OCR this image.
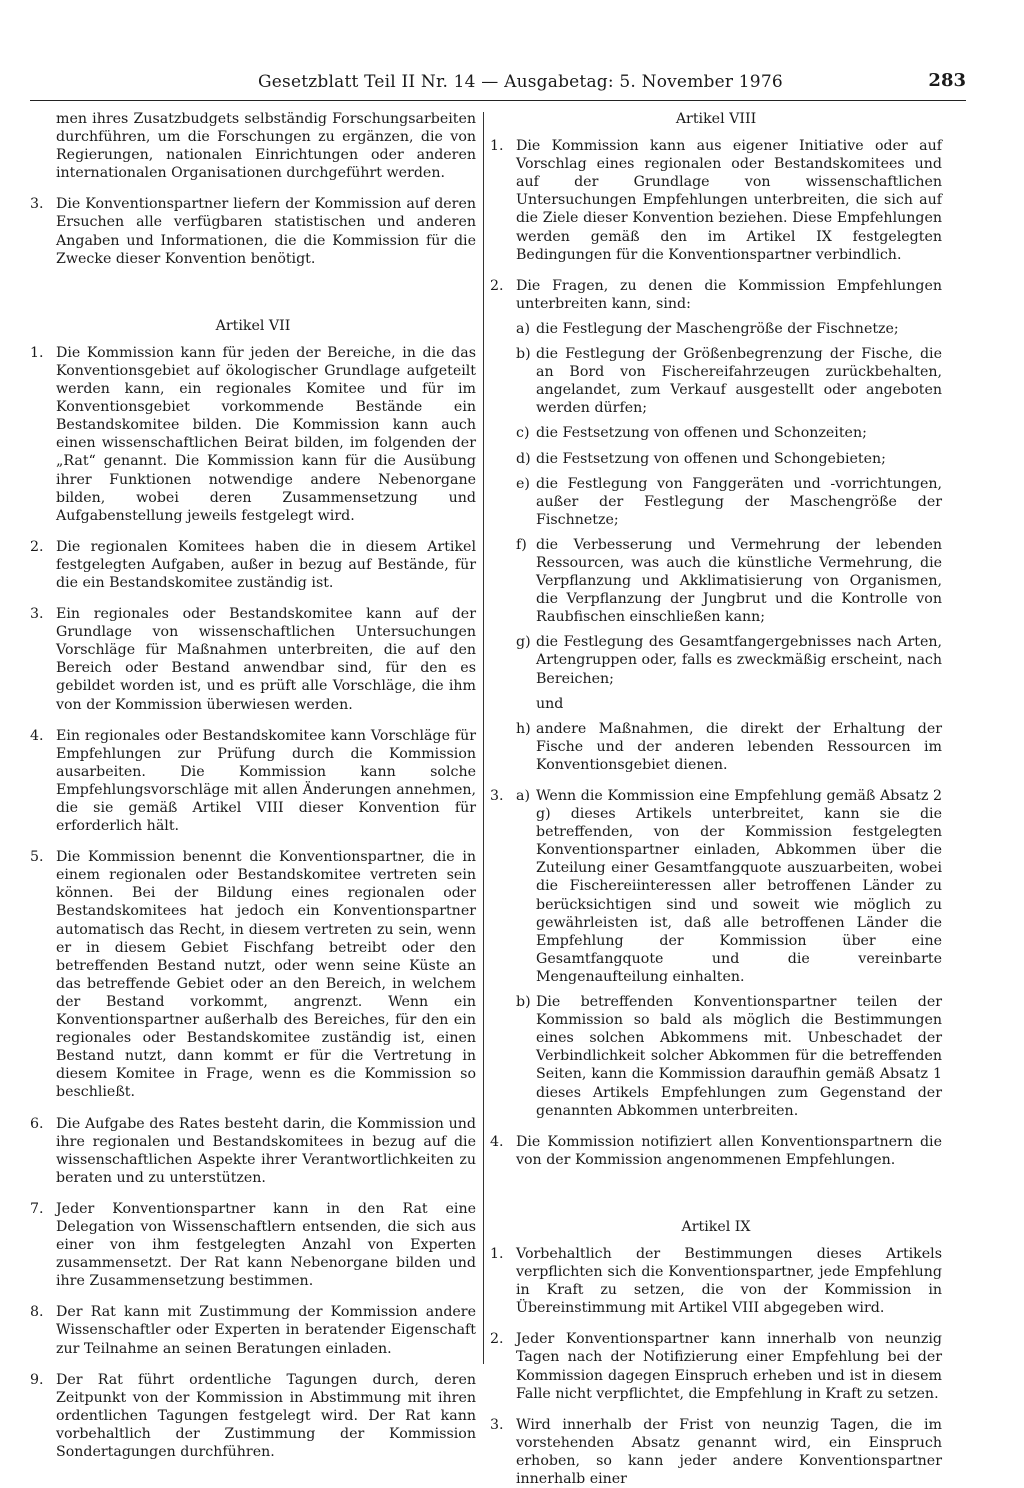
Gesetzblatt Teil II Nr. 14 — Ausgabetag: 5. November 1976	283

men ihres Zusatzbudgets selbständig Forschungsarbeiten durchführen, um die Forschungen zu ergänzen, die von Regierungen, nationalen Einrichtungen oder anderen internationalen Organisationen durchgeführt werden.

3. Die Konventionspartner liefern der Kommission auf deren Ersuchen alle verfügbaren statistischen und anderen Angaben und Informationen, die die Kommission für die Zwecke dieser Konvention benötigt.
Artikel VII
1. Die Kommission kann für jeden der Bereiche, in die das Konventionsgebiet auf ökologischer Grundlage aufgeteilt werden kann, ein regionales Komitee und für im Konventionsgebiet vorkommende Bestände ein Bestandskomitee bilden. Die Kommission kann auch einen wissenschaftlichen Beirat bilden, im folgenden der „Rat“ genannt. Die Kommission kann für die Ausübung ihrer Funktionen notwendige andere Nebenorgane bilden, wobei deren Zusammensetzung und Aufgabenstellung jeweils festgelegt wird.
2. Die regionalen Komitees haben die in diesem Artikel festgelegten Aufgaben, außer in bezug auf Bestände, für die ein Bestandskomitee zuständig ist.
3. Ein regionales oder Bestandskomitee kann auf der Grundlage von wissenschaftlichen Untersuchungen Vorschläge für Maßnahmen unterbreiten, die auf den Bereich oder Bestand anwendbar sind, für den es gebildet worden ist, und es prüft alle Vorschläge, die ihm von der Kommission überwiesen werden.
4. Ein regionales oder Bestandskomitee kann Vorschläge für Empfehlungen zur Prüfung durch die Kommission ausarbeiten. Die Kommission kann solche Empfehlungsvorschläge mit allen Änderungen annehmen, die sie gemäß Artikel VIII dieser Konvention für erforderlich hält.
5. Die Kommission benennt die Konventionspartner, die in einem regionalen oder Bestandskomitee vertreten sein können. Bei der Bildung eines regionalen oder Bestandskomitees hat jedoch ein Konventionspartner automatisch das Recht, in diesem vertreten zu sein, wenn er in diesem Gebiet Fischfang betreibt oder den betreffenden Bestand nutzt, oder wenn seine Küste an das betreffende Gebiet oder an den Bereich, in welchem der Bestand vorkommt, angrenzt. Wenn ein Konventionspartner außerhalb des Bereiches, für den ein regionales oder Bestandskomitee zuständig ist, einen Bestand nutzt, dann kommt er für die Vertretung in diesem Komitee in Frage, wenn es die Kommission so beschließt.
6. Die Aufgabe des Rates besteht darin, die Kommission und ihre regionalen und Bestandskomitees in bezug auf die wissenschaftlichen Aspekte ihrer Verantwortlichkeiten zu beraten und zu unterstützen.
7. Jeder Konventionspartner kann in den Rat eine Delegation von Wissenschaftlern entsenden, die sich aus einer von ihm festgelegten Anzahl von Experten zusammensetzt. Der Rat kann Nebenorgane bilden und ihre Zusammensetzung bestimmen.
8. Der Rat kann mit Zustimmung der Kommission andere Wissenschaftler oder Experten in beratender Eigenschaft zur Teilnahme an seinen Beratungen einladen.
9. Der Rat führt ordentliche Tagungen durch, deren Zeitpunkt von der Kommission in Abstimmung mit ihren ordentlichen Tagungen festgelegt wird. Der Rat kann vorbehaltlich der Zustimmung der Kommission Sondertagungen durchführen.
Artikel VIII
1. Die Kommission kann aus eigener Initiative oder auf Vorschlag eines regionalen oder Bestandskomitees und auf der Grundlage von wissenschaftlichen Untersuchungen Empfehlungen unterbreiten, die sich auf die Ziele dieser Konvention beziehen. Diese Empfehlungen werden gemäß den im Artikel IX festgelegten Bedingungen für die Konventionspartner verbindlich.
2. Die Fragen, zu denen die Kommission Empfehlungen unterbreiten kann, sind:
a) die Festlegung der Maschengröße der Fischnetze;
b) die Festlegung der Größenbegrenzung der Fische, die an Bord von Fischereifahrzeugen zurückbehalten, angelandet, zum Verkauf ausgestellt oder angeboten werden dürfen;
c) die Festsetzung von offenen und Schonzeiten;
d) die Festsetzung von offenen und Schongebieten;
e) die Festlegung von Fanggeräten und -vorrichtungen, außer der Festlegung der Maschengröße der Fischnetze;
f) die Verbesserung und Vermehrung der lebenden Ressourcen, was auch die künstliche Vermehrung, die Verpflanzung und Akklimatisierung von Organismen, die Verpflanzung der Jungbrut und die Kontrolle von Raubfischen einschließen kann;
g) die Festlegung des Gesamtfangergebnisses nach Arten, Artengruppen oder, falls es zweckmäßig erscheint, nach Bereichen;
und
h) andere Maßnahmen, die direkt der Erhaltung der Fische und der anderen lebenden Ressourcen im Konventionsgebiet dienen.
3. a) Wenn die Kommission eine Empfehlung gemäß Absatz 2 g) dieses Artikels unterbreitet, kann sie die betreffenden, von der Kommission festgelegten Konventionspartner einladen, Abkommen über die Zuteilung einer Gesamtfangquote auszuarbeiten, wobei die Fischereiinteressen aller betroffenen Länder zu berücksichtigen sind und soweit wie möglich zu gewährleisten ist, daß alle betroffenen Länder die Empfehlung der Kommission über eine Gesamtfangquote und die vereinbarte Mengenaufteilung einhalten.
b) Die betreffenden Konventionspartner teilen der Kommission so bald als möglich die Bestimmungen eines solchen Abkommens mit. Unbeschadet der Verbindlichkeit solcher Abkommen für die betreffenden Seiten, kann die Kommission daraufhin gemäß Absatz 1 dieses Artikels Empfehlungen zum Gegenstand der genannten Abkommen unterbreiten.
4. Die Kommission notifiziert allen Konventionspartnern die von der Kommission angenommenen Empfehlungen.
Artikel IX
1. Vorbehaltlich der Bestimmungen dieses Artikels verpflichten sich die Konventionspartner, jede Empfehlung in Kraft zu setzen, die von der Kommission in Übereinstimmung mit Artikel VIII abgegeben wird.
2. Jeder Konventionspartner kann innerhalb von neunzig Tagen nach der Notifizierung einer Empfehlung bei der Kommission dagegen Einspruch erheben und ist in diesem Falle nicht verpflichtet, die Empfehlung in Kraft zu setzen.
3. Wird innerhalb der Frist von neunzig Tagen, die im vorstehenden Absatz genannt wird, ein Einspruch erhoben, so kann jeder andere Konventionspartner innerhalb einer
